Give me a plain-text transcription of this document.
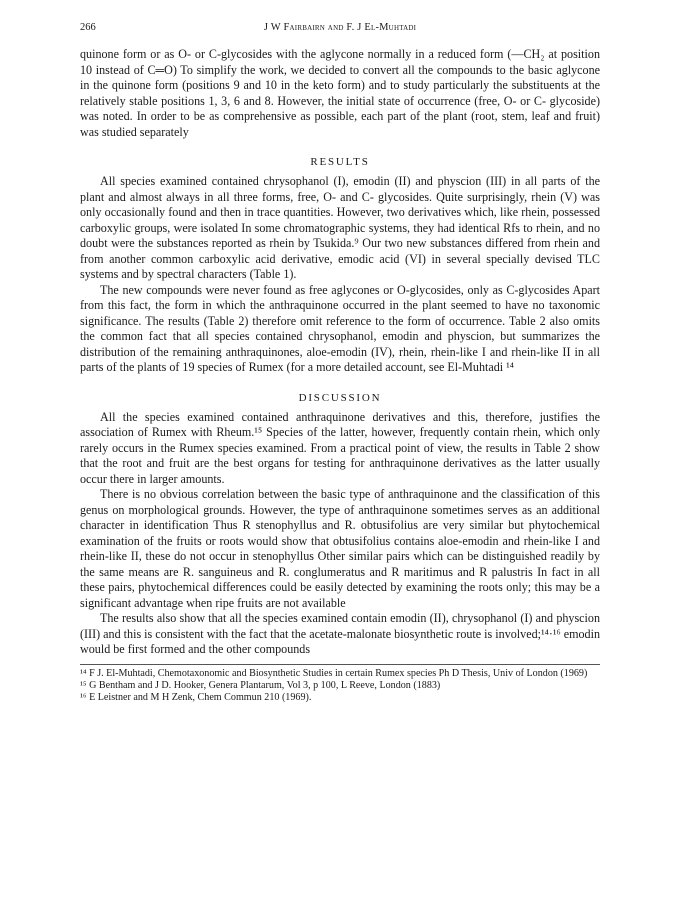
266	J W Fairbairn and F. J El-Muhtadi

quinone form or as O- or C-glycosides with the aglycone normally in a reduced form (—CH₂ at position 10 instead of C═O) To simplify the work, we decided to convert all the compounds to the basic aglycone in the quinone form (positions 9 and 10 in the keto form) and to study particularly the substituents at the relatively stable positions 1, 3, 6 and 8. However, the initial state of occurrence (free, O- or C- glycoside) was noted. In order to be as comprehensive as possible, each part of the plant (root, stem, leaf and fruit) was studied separately

RESULTS

All species examined contained chrysophanol (I), emodin (II) and physcion (III) in all parts of the plant and almost always in all three forms, free, O- and C- glycosides. Quite surprisingly, rhein (V) was only occasionally found and then in trace quantities. However, two derivatives which, like rhein, possessed carboxylic groups, were isolated In some chromatographic systems, they had identical Rfs to rhein, and no doubt were the substances reported as rhein by Tsukida.⁹ Our two new substances differed from rhein and from another common carboxylic acid derivative, emodic acid (VI) in several specially devised TLC systems and by spectral characters (Table 1).

The new compounds were never found as free aglycones or O-glycosides, only as C-glycosides Apart from this fact, the form in which the anthraquinone occurred in the plant seemed to have no taxonomic significance. The results (Table 2) therefore omit reference to the form of occurrence. Table 2 also omits the common fact that all species contained chrysophanol, emodin and physcion, but summarizes the distribution of the remaining anthraquinones, aloe-emodin (IV), rhein, rhein-like I and rhein-like II in all parts of the plants of 19 species of Rumex (for a more detailed account, see El-Muhtadi ¹⁴

DISCUSSION

All the species examined contained anthraquinone derivatives and this, therefore, justifies the association of Rumex with Rheum.¹⁵ Species of the latter, however, frequently contain rhein, which only rarely occurs in the Rumex species examined. From a practical point of view, the results in Table 2 show that the root and fruit are the best organs for testing for anthraquinone derivatives as the latter usually occur there in larger amounts.

There is no obvious correlation between the basic type of anthraquinone and the classification of this genus on morphological grounds. However, the type of anthraquinone sometimes serves as an additional character in identification Thus R stenophyllus and R. obtusifolius are very similar but phytochemical examination of the fruits or roots would show that obtusifolius contains aloe-emodin and rhein-like I and rhein-like II, these do not occur in stenophyllus Other similar pairs which can be distinguished readily by the same means are R. sanguineus and R. conglumeratus and R maritimus and R palustris In fact in all these pairs, phytochemical differences could be easily detected by examining the roots only; this may be a significant advantage when ripe fruits are not available

The results also show that all the species examined contain emodin (II), chrysophanol (I) and physcion (III) and this is consistent with the fact that the acetate-malonate biosynthetic route is involved;¹⁴·¹⁶ emodin would be first formed and the other compounds

¹⁴ F J. El-Muhtadi, Chemotaxonomic and Biosynthetic Studies in certain Rumex species Ph D Thesis, Univ of London (1969)

¹⁵ G Bentham and J D. Hooker, Genera Plantarum, Vol 3, p 100, L Reeve, London (1883)

¹⁶ E Leistner and M H Zenk, Chem Commun 210 (1969).
